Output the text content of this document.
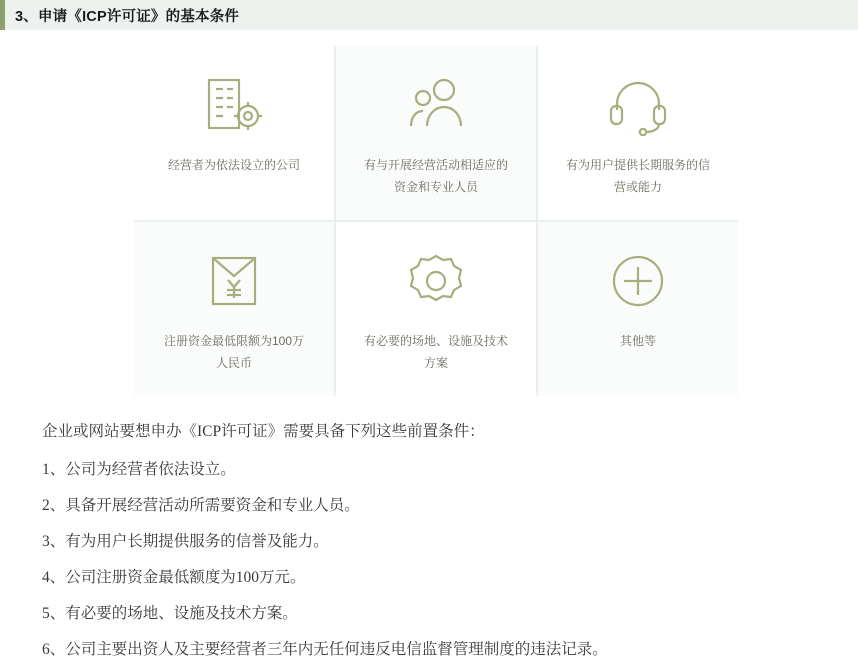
3、申请《ICP许可证》的基本条件
经营者为依法设立的公司	有与开展经营活动相适应的资金和专业人员
有为用户提供长期服务的信营或能力
注册资金最低限额为100万人民币
有必要的场地、设施及技术方案
其他等

企业或网站要想申办《ICP许可证》需要具备下列这些前置条件：

1、公司为经营者依法设立。

2、具备开展经营活动所需要资金和专业人员。

3、有为用户长期提供服务的信誉及能力。

4、公司注册资金最低额度为100万元。

5、有必要的场地、设施及技术方案。

6、公司主要出资人及主要经营者三年内无任何违反电信监督管理制度的违法记录。
